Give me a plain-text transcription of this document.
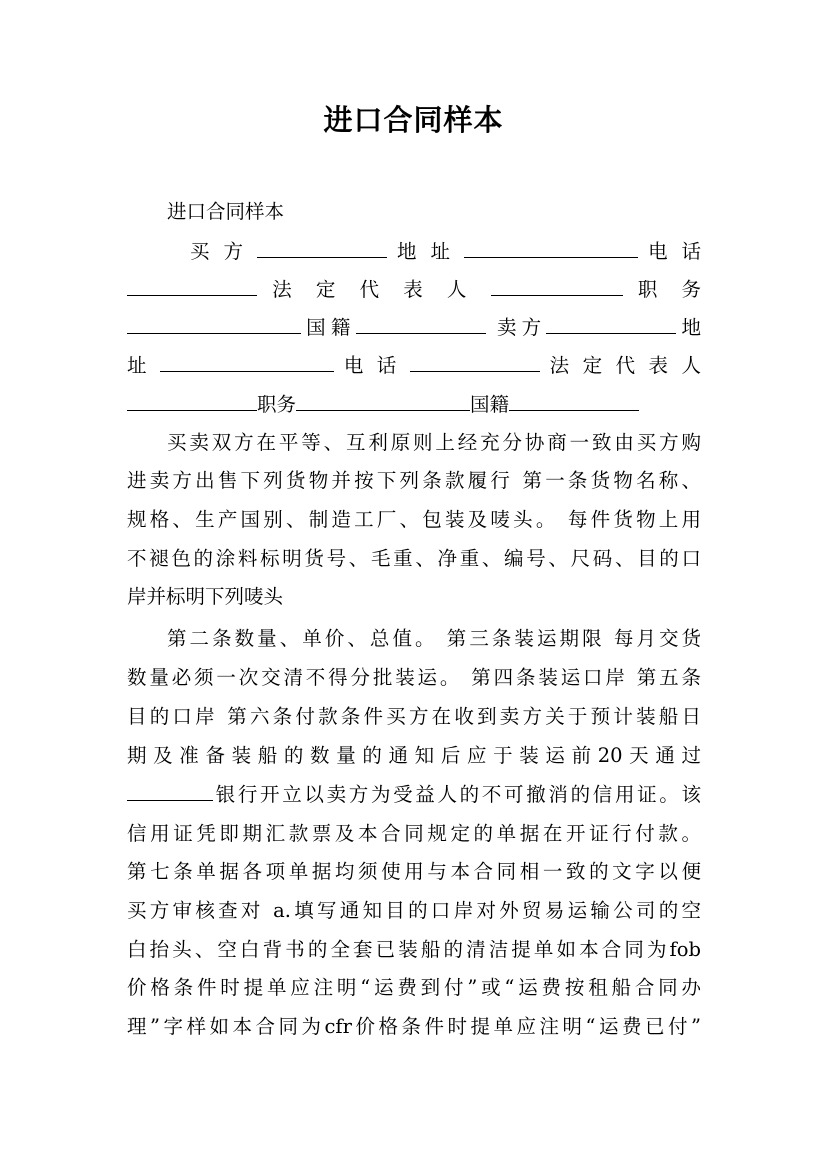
进口合同样本
进口合同样本
买 方	地 址	电 话
法 定 代 表 人	职 务
国籍	卖方	地
址	电 话	法 定 代 表 人
职务	国籍
买卖双方在平等、互利原则上经充分协商一致由买方购
进卖方出售下列货物并按下列条款履行 第一条货物名称、
规格、生产国别、制造工厂、包装及唛头。 每件货物上用
不褪色的涂料标明货号、毛重、净重、编号、尺码、目的口
岸并标明下列唛头
第二条数量、单价、总值。 第三条装运期限 每月交货
数量必须一次交清不得分批装运。 第四条装运口岸 第五条
目的口岸 第六条付款条件买方在收到卖方关于预计装船日
期及准备装船的数量的通知后应于装运前20天通过
银行开立以卖方为受益人的不可撤消的信用证。该
信用证凭即期汇款票及本合同规定的单据在开证行付款。
第七条单据各项单据均须使用与本合同相一致的文字以便
买方审核查对 a.填写通知目的口岸对外贸易运输公司的空
白抬头、空白背书的全套已装船的清洁提单如本合同为fob
价格条件时提单应注明“运费到付”或“运费按租船合同办
理”字样如本合同为cfr价格条件时提单应注明“运费已付”
